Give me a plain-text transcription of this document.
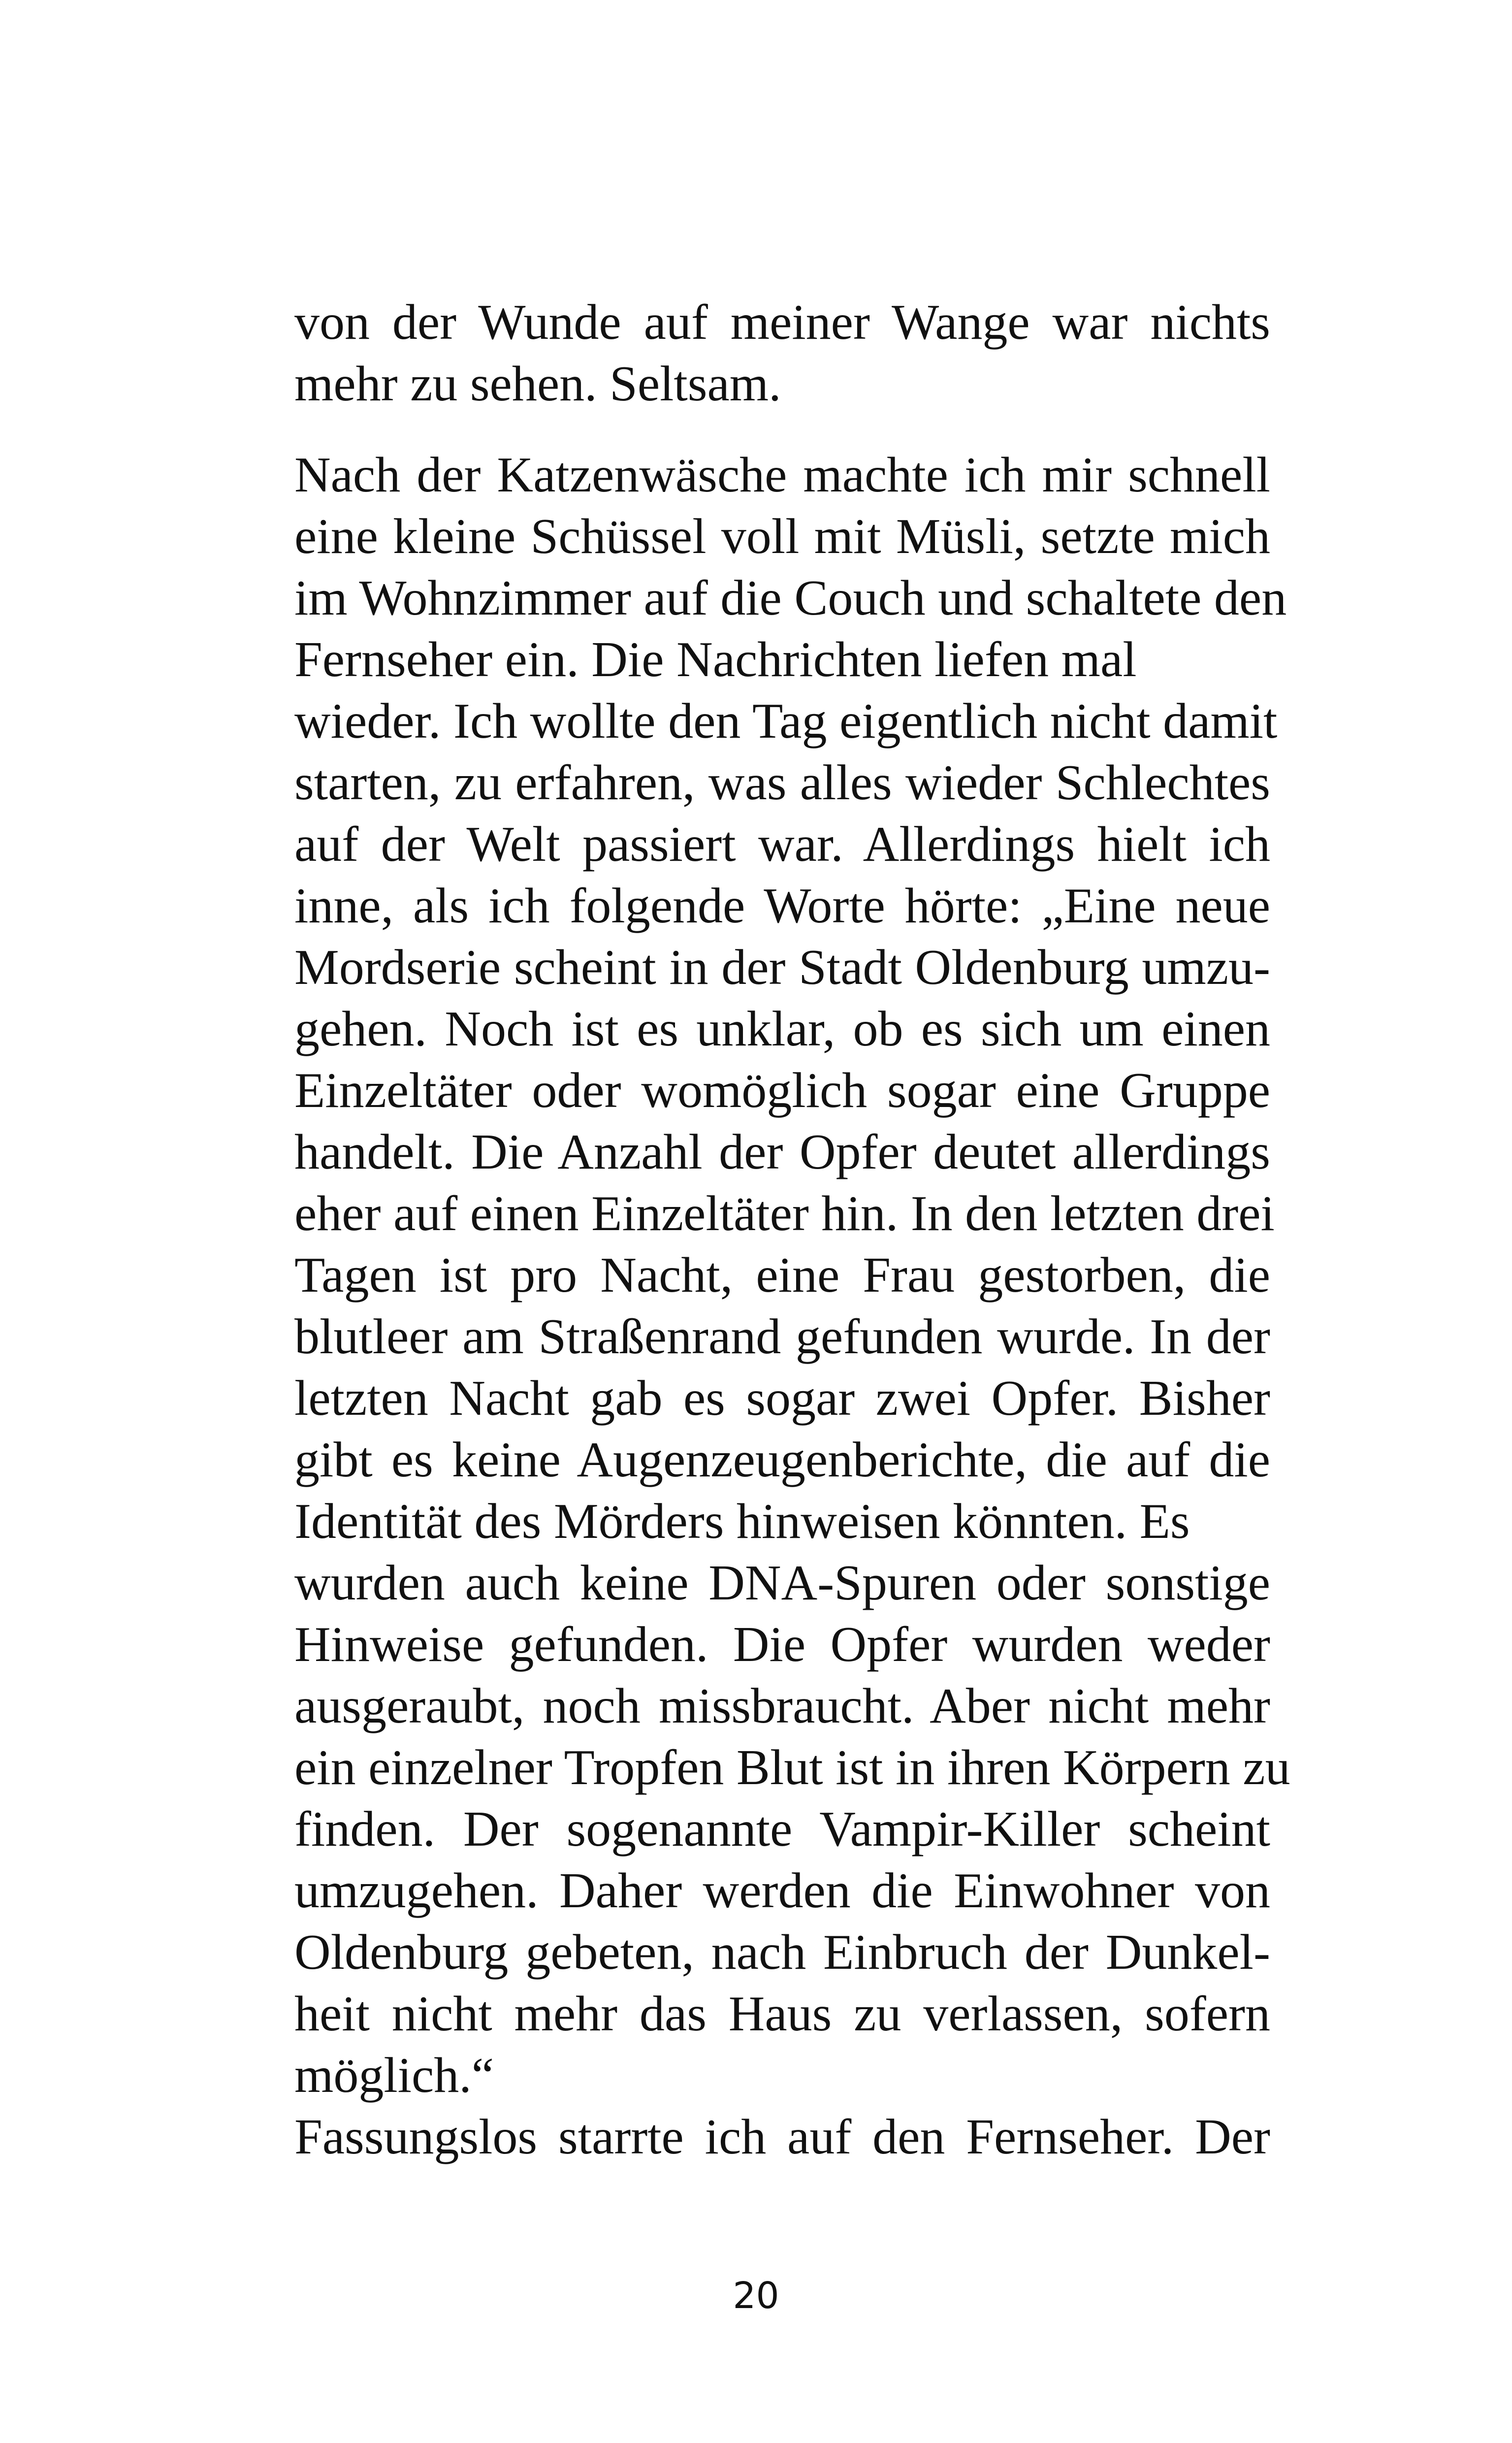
von der Wunde auf meiner Wange war nichts
mehr zu sehen. Seltsam.
Nach der Katzenwäsche machte ich mir schnell
eine kleine Schüssel voll mit Müsli, setzte mich
im Wohnzimmer auf die Couch und schaltete den
Fernseher ein. Die Nachrichten liefen mal
wieder. Ich wollte den Tag eigentlich nicht damit
starten, zu erfahren, was alles wieder Schlechtes
auf der Welt passiert war. Allerdings hielt ich
inne, als ich folgende Worte hörte: „Eine neue
Mordserie scheint in der Stadt Oldenburg umzu-
gehen. Noch ist es unklar, ob es sich um einen
Einzeltäter oder womöglich sogar eine Gruppe
handelt. Die Anzahl der Opfer deutet allerdings
eher auf einen Einzeltäter hin. In den letzten drei
Tagen ist pro Nacht, eine Frau gestorben, die
blutleer am Straßenrand gefunden wurde. In der
letzten Nacht gab es sogar zwei Opfer. Bisher
gibt es keine Augenzeugenberichte, die auf die
Identität des Mörders hinweisen könnten. Es
wurden auch keine DNA-Spuren oder sonstige
Hinweise gefunden. Die Opfer wurden weder
ausgeraubt, noch missbraucht. Aber nicht mehr
ein einzelner Tropfen Blut ist in ihren Körpern zu
finden. Der sogenannte Vampir-Killer scheint
umzugehen. Daher werden die Einwohner von
Oldenburg gebeten, nach Einbruch der Dunkel-
heit nicht mehr das Haus zu verlassen, sofern
möglich.“
Fassungslos starrte ich auf den Fernseher. Der
20
